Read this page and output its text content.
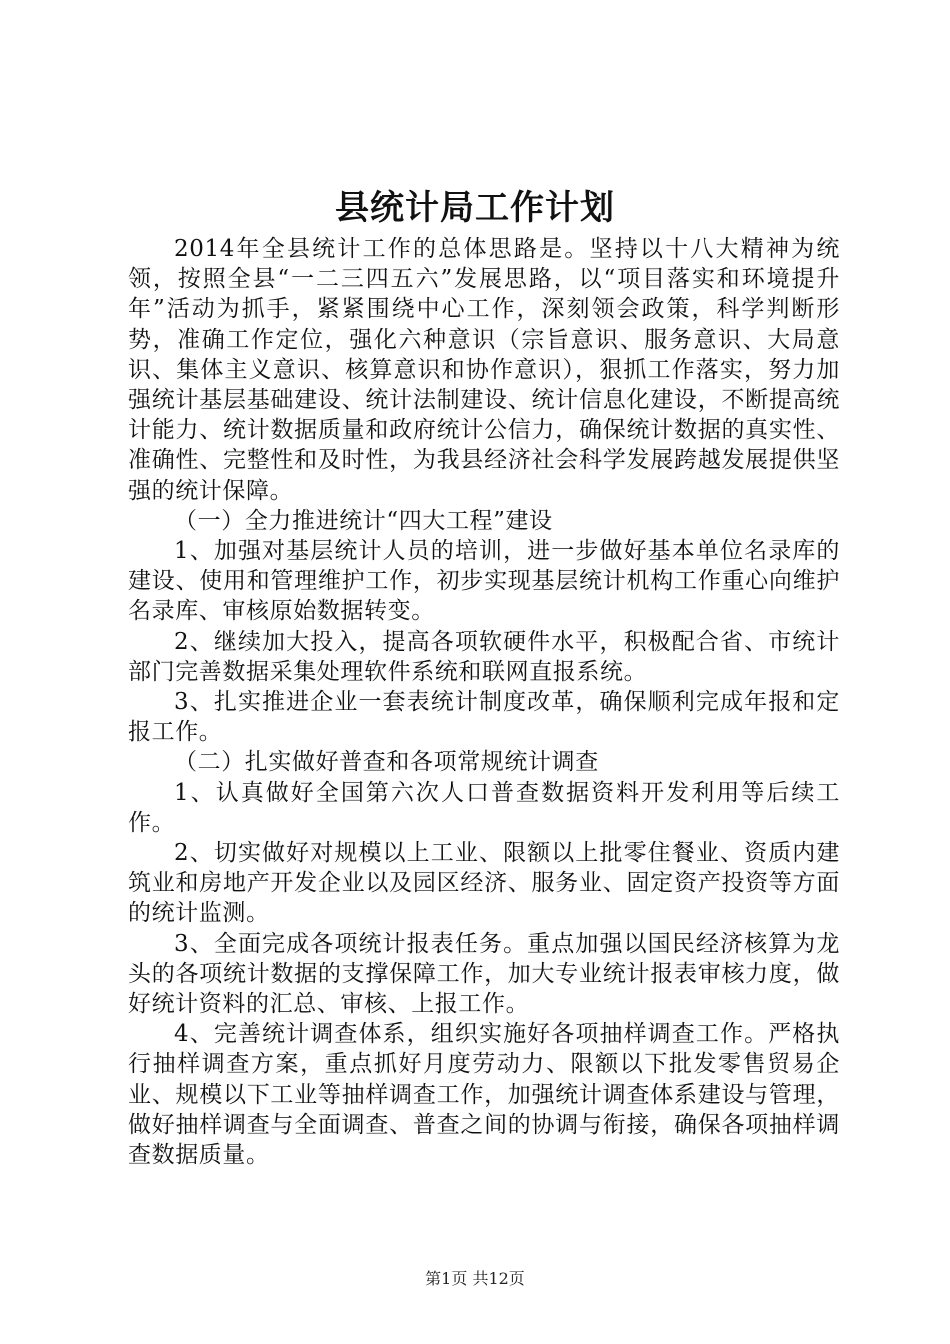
县统计局工作计划

2014年全县统计工作的总体思路是。坚持以十八大精神为统领，按照全县“一二三四五六”发展思路，以“项目落实和环境提升年”活动为抓手，紧紧围绕中心工作，深刻领会政策，科学判断形势，准确工作定位，强化六种意识（宗旨意识、服务意识、大局意识、集体主义意识、核算意识和协作意识），狠抓工作落实，努力加强统计基层基础建设、统计法制建设、统计信息化建设，不断提高统计能力、统计数据质量和政府统计公信力，确保统计数据的真实性、准确性、完整性和及时性，为我县经济社会科学发展跨越发展提供坚强的统计保障。

（一）全力推进统计“四大工程”建设

1、加强对基层统计人员的培训，进一步做好基本单位名录库的建设、使用和管理维护工作，初步实现基层统计机构工作重心向维护名录库、审核原始数据转变。

2、继续加大投入，提高各项软硬件水平，积极配合省、市统计部门完善数据采集处理软件系统和联网直报系统。

3、扎实推进企业一套表统计制度改革，确保顺利完成年报和定报工作。

（二）扎实做好普查和各项常规统计调查

1、认真做好全国第六次人口普查数据资料开发利用等后续工作。

2、切实做好对规模以上工业、限额以上批零住餐业、资质内建筑业和房地产开发企业以及园区经济、服务业、固定资产投资等方面的统计监测。

3、全面完成各项统计报表任务。重点加强以国民经济核算为龙头的各项统计数据的支撑保障工作，加大专业统计报表审核力度，做好统计资料的汇总、审核、上报工作。

4、完善统计调查体系，组织实施好各项抽样调查工作。严格执行抽样调查方案，重点抓好月度劳动力、限额以下批发零售贸易企业、规模以下工业等抽样调查工作，加强统计调查体系建设与管理，做好抽样调查与全面调查、普查之间的协调与衔接，确保各项抽样调查数据质量。

第1页 共12页
